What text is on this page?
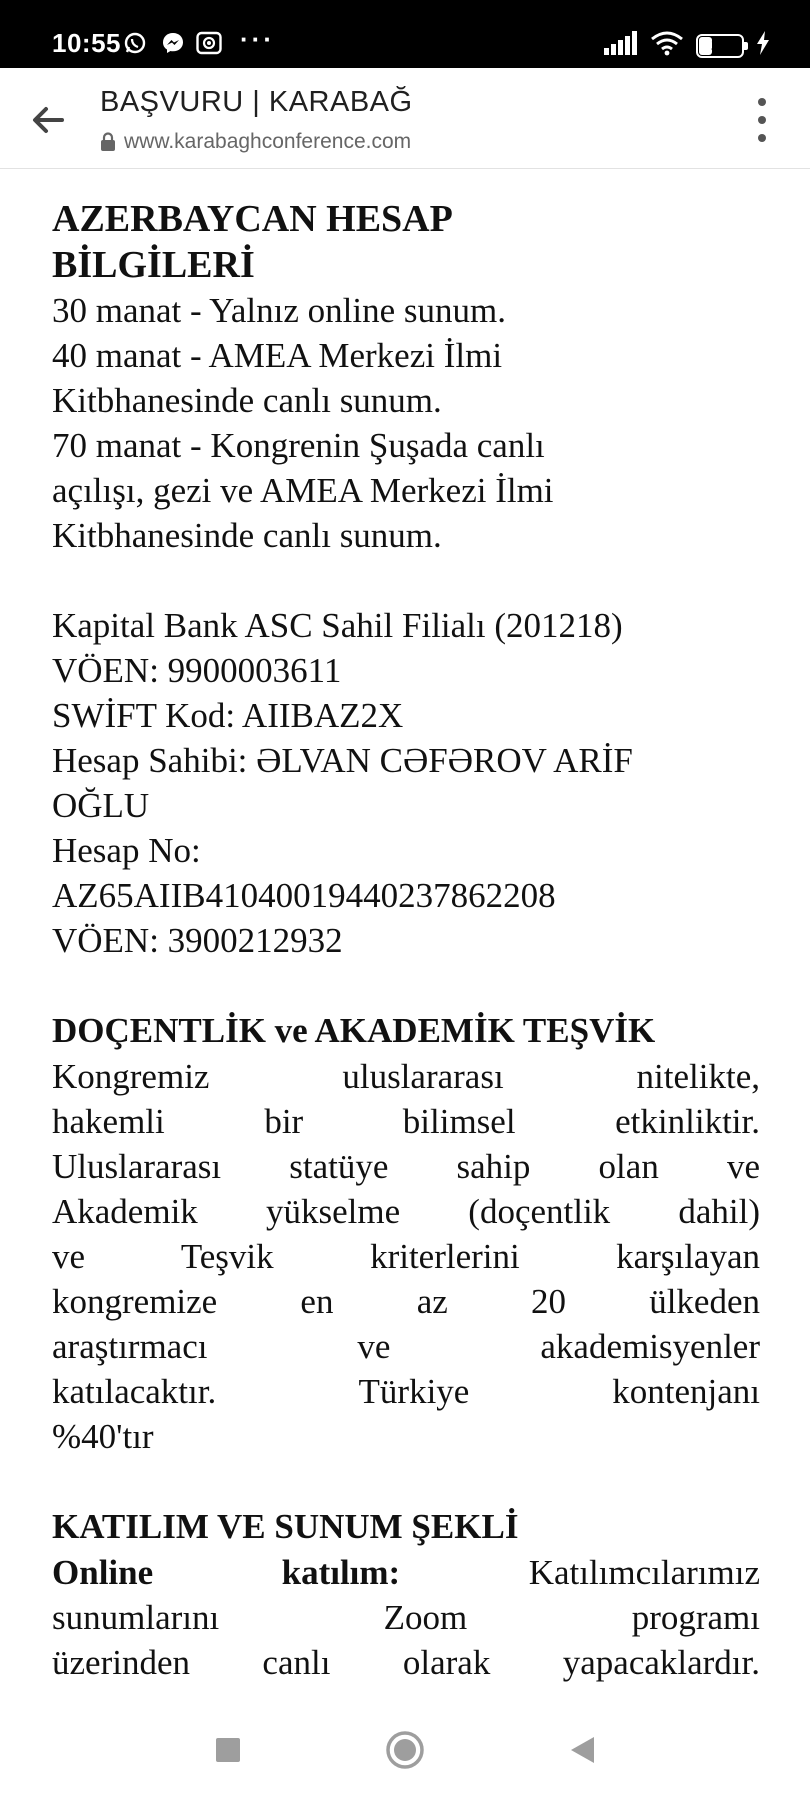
10:55	···	29
BAŞVURU | KARABAĞ
www.karabaghconference.com

AZERBAYCAN HESAP
BİLGİLERİ

30 manat - Yalnız online sunum.
40 manat - AMEA Merkezi İlmi
Kitbhanesinde canlı sunum.
70 manat - Kongrenin Şuşada canlı
açılışı, gezi ve AMEA Merkezi İlmi
Kitbhanesinde canlı sunum.

Kapital Bank ASC Sahil Filialı (201218)
VÖEN: 9900003611
SWİFT Kod: AIIBAZ2X
Hesap Sahibi: ƏLVAN CƏFƏROV ARİF
OĞLU
Hesap No:
AZ65AIIB41040019440237862208
VÖEN: 3900212932

DOÇENTLİK ve AKADEMİK TEŞVİK

Kongremiz uluslararası nitelikte,
hakemli bir bilimsel etkinliktir.
Uluslararası statüye sahip olan ve
Akademik yükselme (doçentlik dahil)
ve Teşvik kriterlerini karşılayan
kongremize en az 20 ülkeden
araştırmacı ve akademisyenler
katılacaktır. Türkiye kontenjanı
%40'tır

KATILIM VE SUNUM ŞEKLİ

Online katılım:	Katılımcılarımız
sunumlarını Zoom programı
üzerinden canlı olarak yapacaklardır.
